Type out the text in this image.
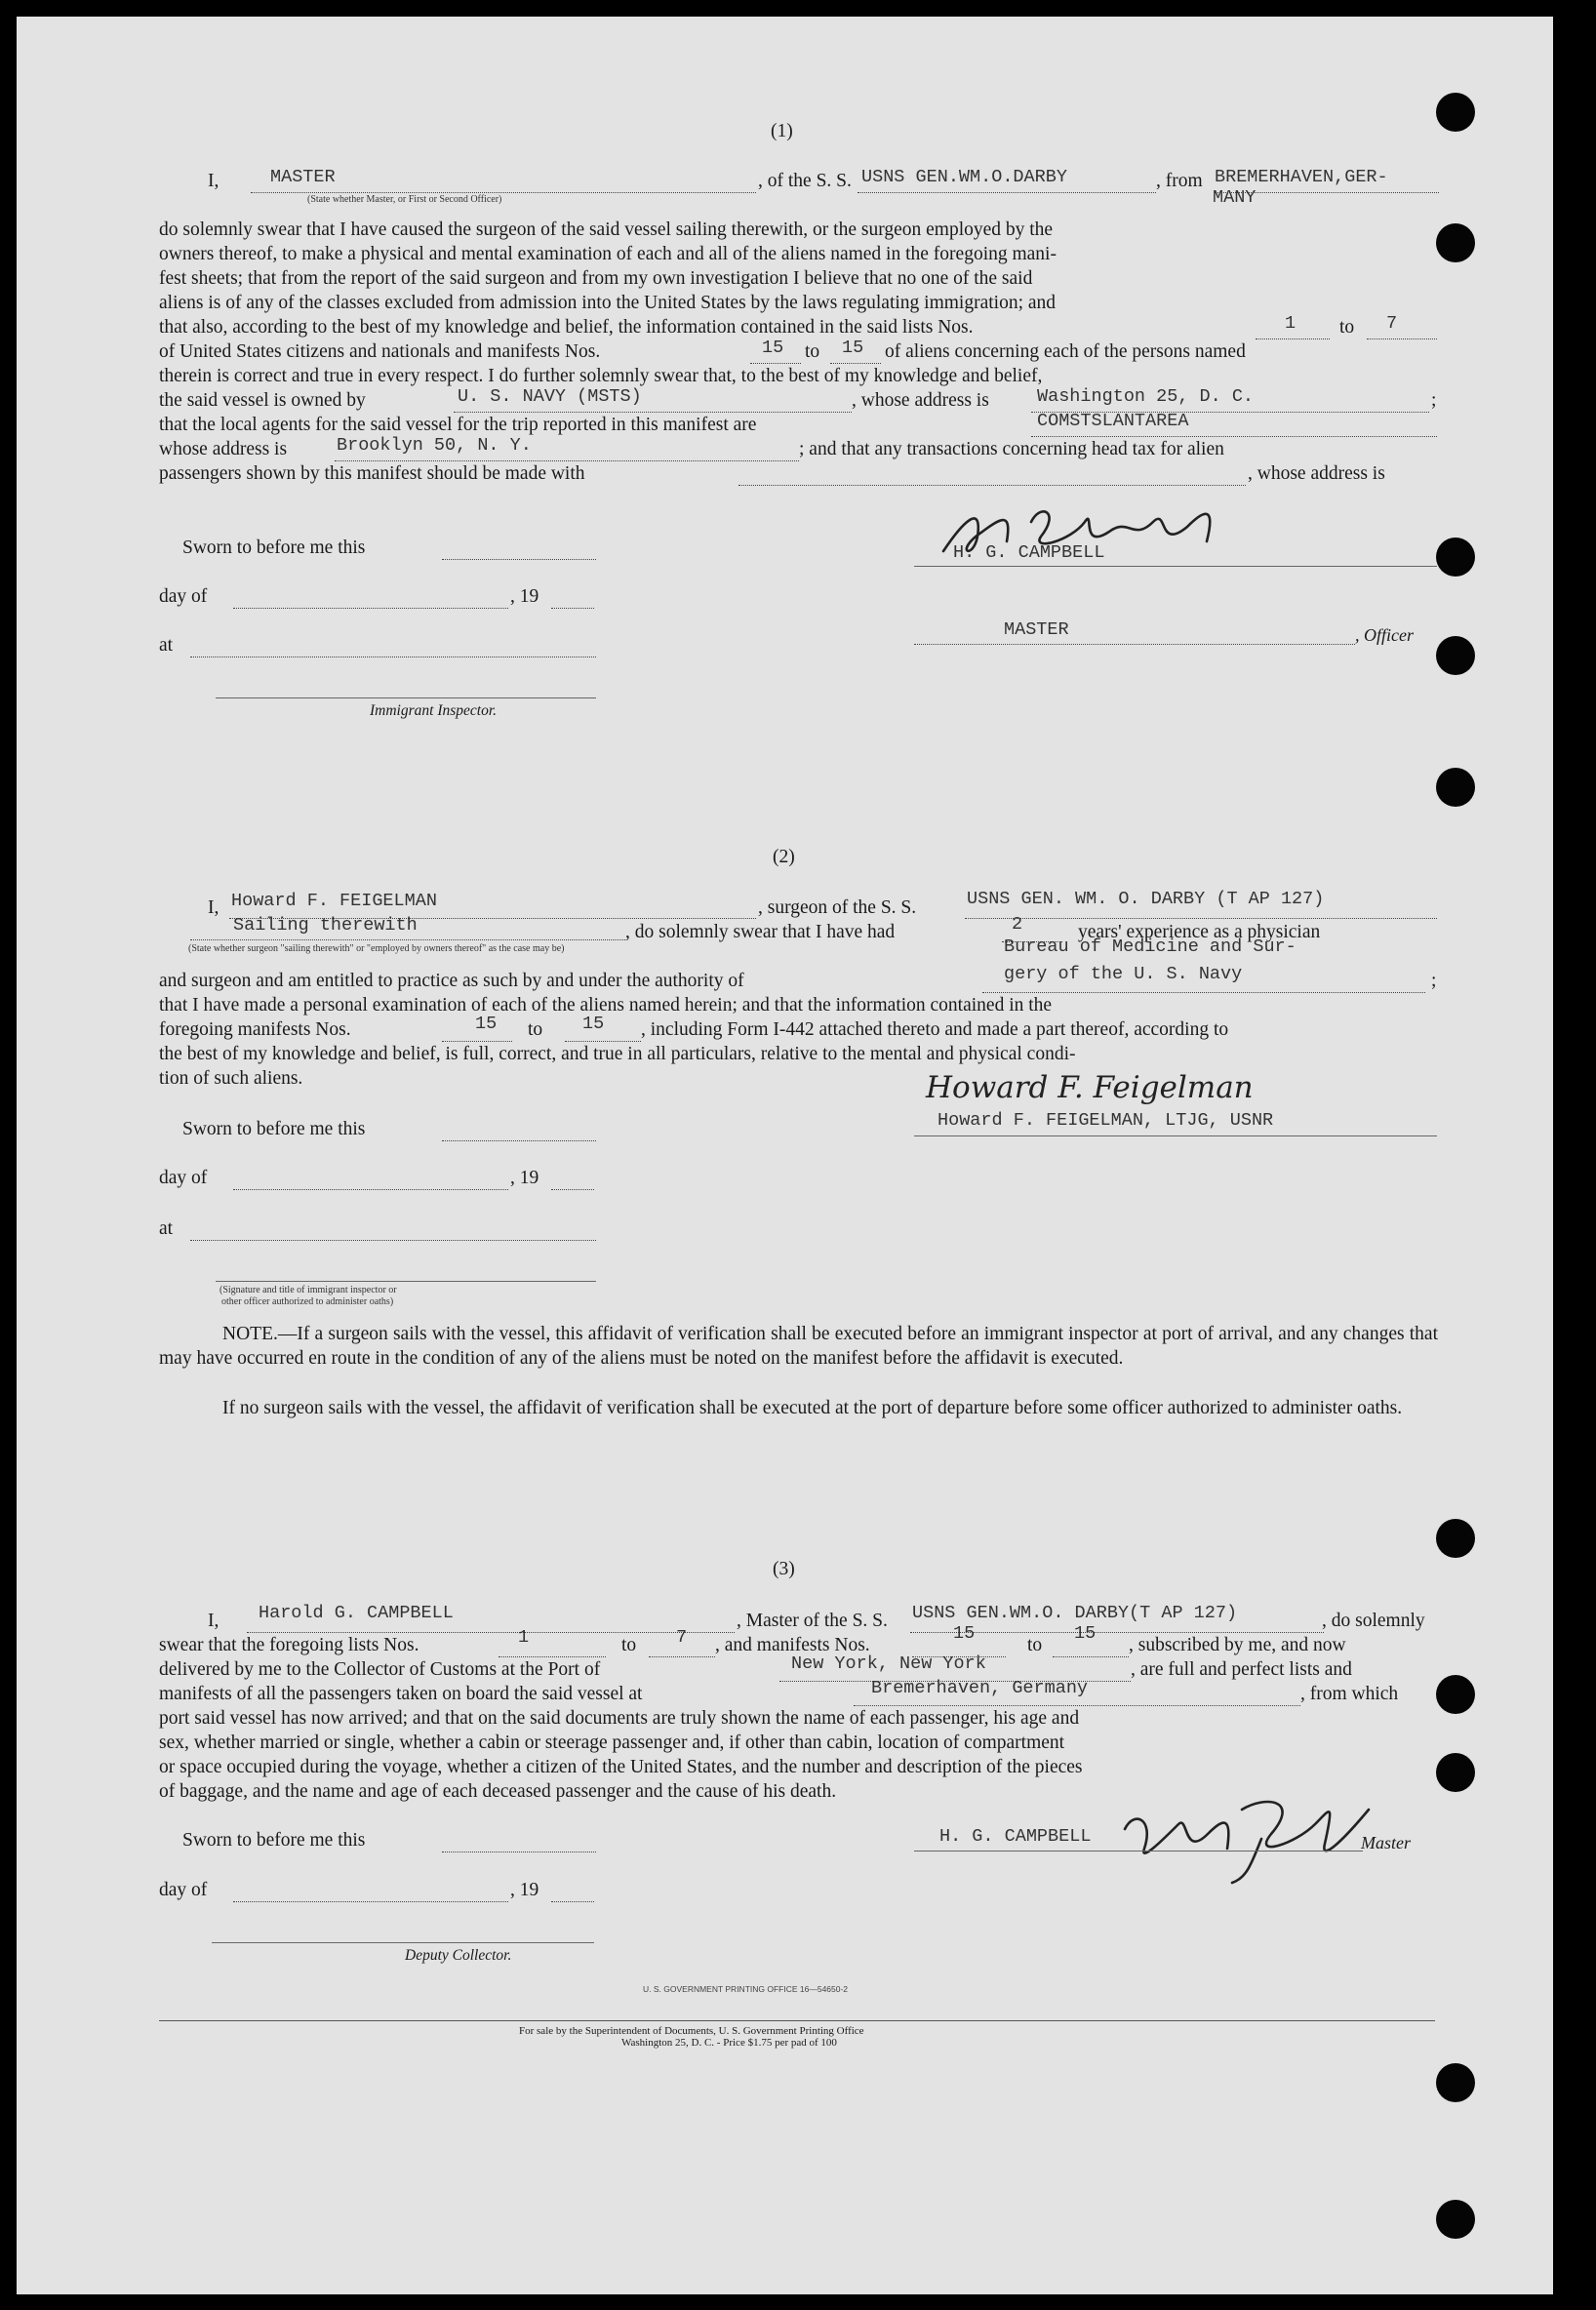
(1)
I,	MASTER
(State whether Master, or First or Second Officer)
, of the S. S. USNS GEN.WM.O.DARBY	, from BREMERHAVEN,GER-
MANY
do solemnly swear that I have caused the surgeon of the said vessel sailing therewith, or the surgeon employed by the
owners thereof, to make a physical and mental examination of each and all of the aliens named in the foregoing mani-
fest sheets; that from the report of the said surgeon and from my own investigation I believe that no one of the said
aliens is of any of the classes excluded from admission into the United States by the laws regulating immigration; and
that also, according to the best of my knowledge and belief, the information contained in the said lists Nos.	1 to 7
of United States citizens and nationals and manifests Nos.	15 to 15 of aliens concerning each of the persons named
therein is correct and true in every respect. I do further solemnly swear that, to the best of my knowledge and belief,
the said vessel is owned by	U. S. NAVY (MSTS)	, whose address is	Washington 25, D. C.	;
that the local agents for the said vessel for the trip reported in this manifest are	COMSTSLANTAREA
whose address is	Brooklyn 50, N. Y.	; and that any transactions concerning head tax for alien
passengers shown by this manifest should be made with	, whose address is
Sworn to before me this
day of	, 19
at
Immigrant Inspector.
H. G. CAMPBELL
MASTER	, Officer
(2)
I, Howard F. FEIGELMAN	, surgeon of the S. S.	USNS GEN. WM. O. DARBY (T AP 127)
Sailing therewith	, do solemnly swear that I have had	2	years' experience as a physician
(State whether surgeon "sailing therewith" or "employed by owners thereof" as the case may be)	Bureau of Medicine and Sur-
and surgeon and am entitled to practice as such by and under the authority of	gery of the U. S. Navy	;
that I have made a personal examination of each of the aliens named herein; and that the information contained in the
foregoing manifests Nos.	15 to 15 , including Form I-442 attached thereto and made a part thereof, according to
the best of my knowledge and belief, is full, correct, and true in all particulars, relative to the mental and physical condi-
tion of such aliens.	Howard F. Feigelman
Howard F. FEIGELMAN, LTJG, USNR
Sworn to before me this
day of	, 19
at
(Signature and title of immigrant inspector or
other officer authorized to administer oaths)
NOTE.—If a surgeon sails with the vessel, this affidavit of verification shall be executed before an immigrant inspector at port of arrival, and any changes that may have occurred en route in the condition of any of the aliens must be noted on the manifest before the affidavit is executed.
If no surgeon sails with the vessel, the affidavit of verification shall be executed at the port of departure before some officer authorized to administer oaths.
(3)
I, Harold G. CAMPBELL	, Master of the S. S. USNS GEN.WM.O. DARBY(T AP 127)	, do solemnly
swear that the foregoing lists Nos.	1	to 7 , and manifests Nos.
15
to
15
, subscribed by me, and now
delivered by me to the Collector of Customs at the Port of	New York, New York	, are full and perfect lists and
manifests of all the passengers taken on board the said vessel at	Bremerhaven, Germany	, from which
port said vessel has now arrived; and that on the said documents are truly shown the name of each passenger, his age and
sex, whether married or single, whether a cabin or steerage passenger and, if other than cabin, location of compartment
or space occupied during the voyage, whether a citizen of the United States, and the number and description of the pieces
of baggage, and the name and age of each deceased passenger and the cause of his death.
Sworn to before me this
day of	, 19
Deputy Collector.
H. G. CAMPBELL	Master
U. S. GOVERNMENT PRINTING OFFICE 16—54650-2
For sale by the Superintendent of Documents, U. S. Government Printing Office
Washington 25, D. C. - Price $1.75 per pad of 100
